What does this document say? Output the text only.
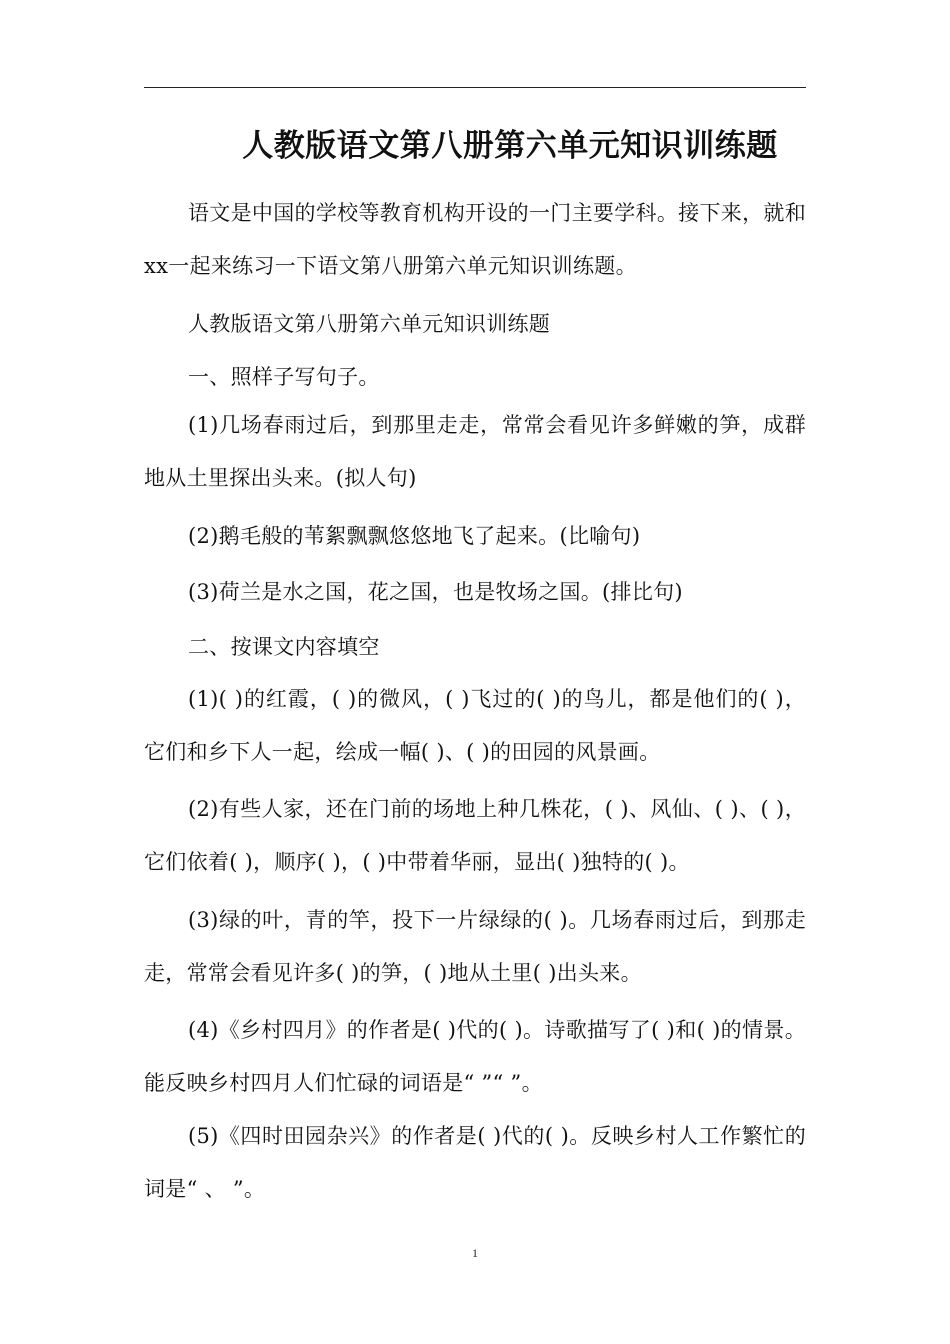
人教版语文第八册第六单元知识训练题

语文是中国的学校等教育机构开设的一门主要学科。接下来，就和xx一起来练习一下语文第八册第六单元知识训练题。

人教版语文第八册第六单元知识训练题

一、照样子写句子。

(1)几场春雨过后，到那里走走，常常会看见许多鲜嫩的笋，成群地从土里探出头来。(拟人句)

(2)鹅毛般的苇絮飘飘悠悠地飞了起来。(比喻句)

(3)荷兰是水之国，花之国，也是牧场之国。(排比句)

二、按课文内容填空

(1)( )的红霞，( )的微风，( )飞过的( )的鸟儿，都是他们的( )，它们和乡下人一起，绘成一幅( )、( )的田园的风景画。

(2)有些人家，还在门前的场地上种几株花，( )、风仙、( )、( )，它们依着( )，顺序( )，( )中带着华丽，显出( )独特的( )。

(3)绿的叶，青的竿，投下一片绿绿的( )。几场春雨过后，到那走走，常常会看见许多( )的笋，( )地从土里( )出头来。

(4)《乡村四月》的作者是( )代的( )。诗歌描写了( )和( )的情景。能反映乡村四月人们忙碌的词语是“ ”“ ”。

(5)《四时田园杂兴》的作者是( )代的( )。反映乡村人工作繁忙的词是“ 、 ”。

1
